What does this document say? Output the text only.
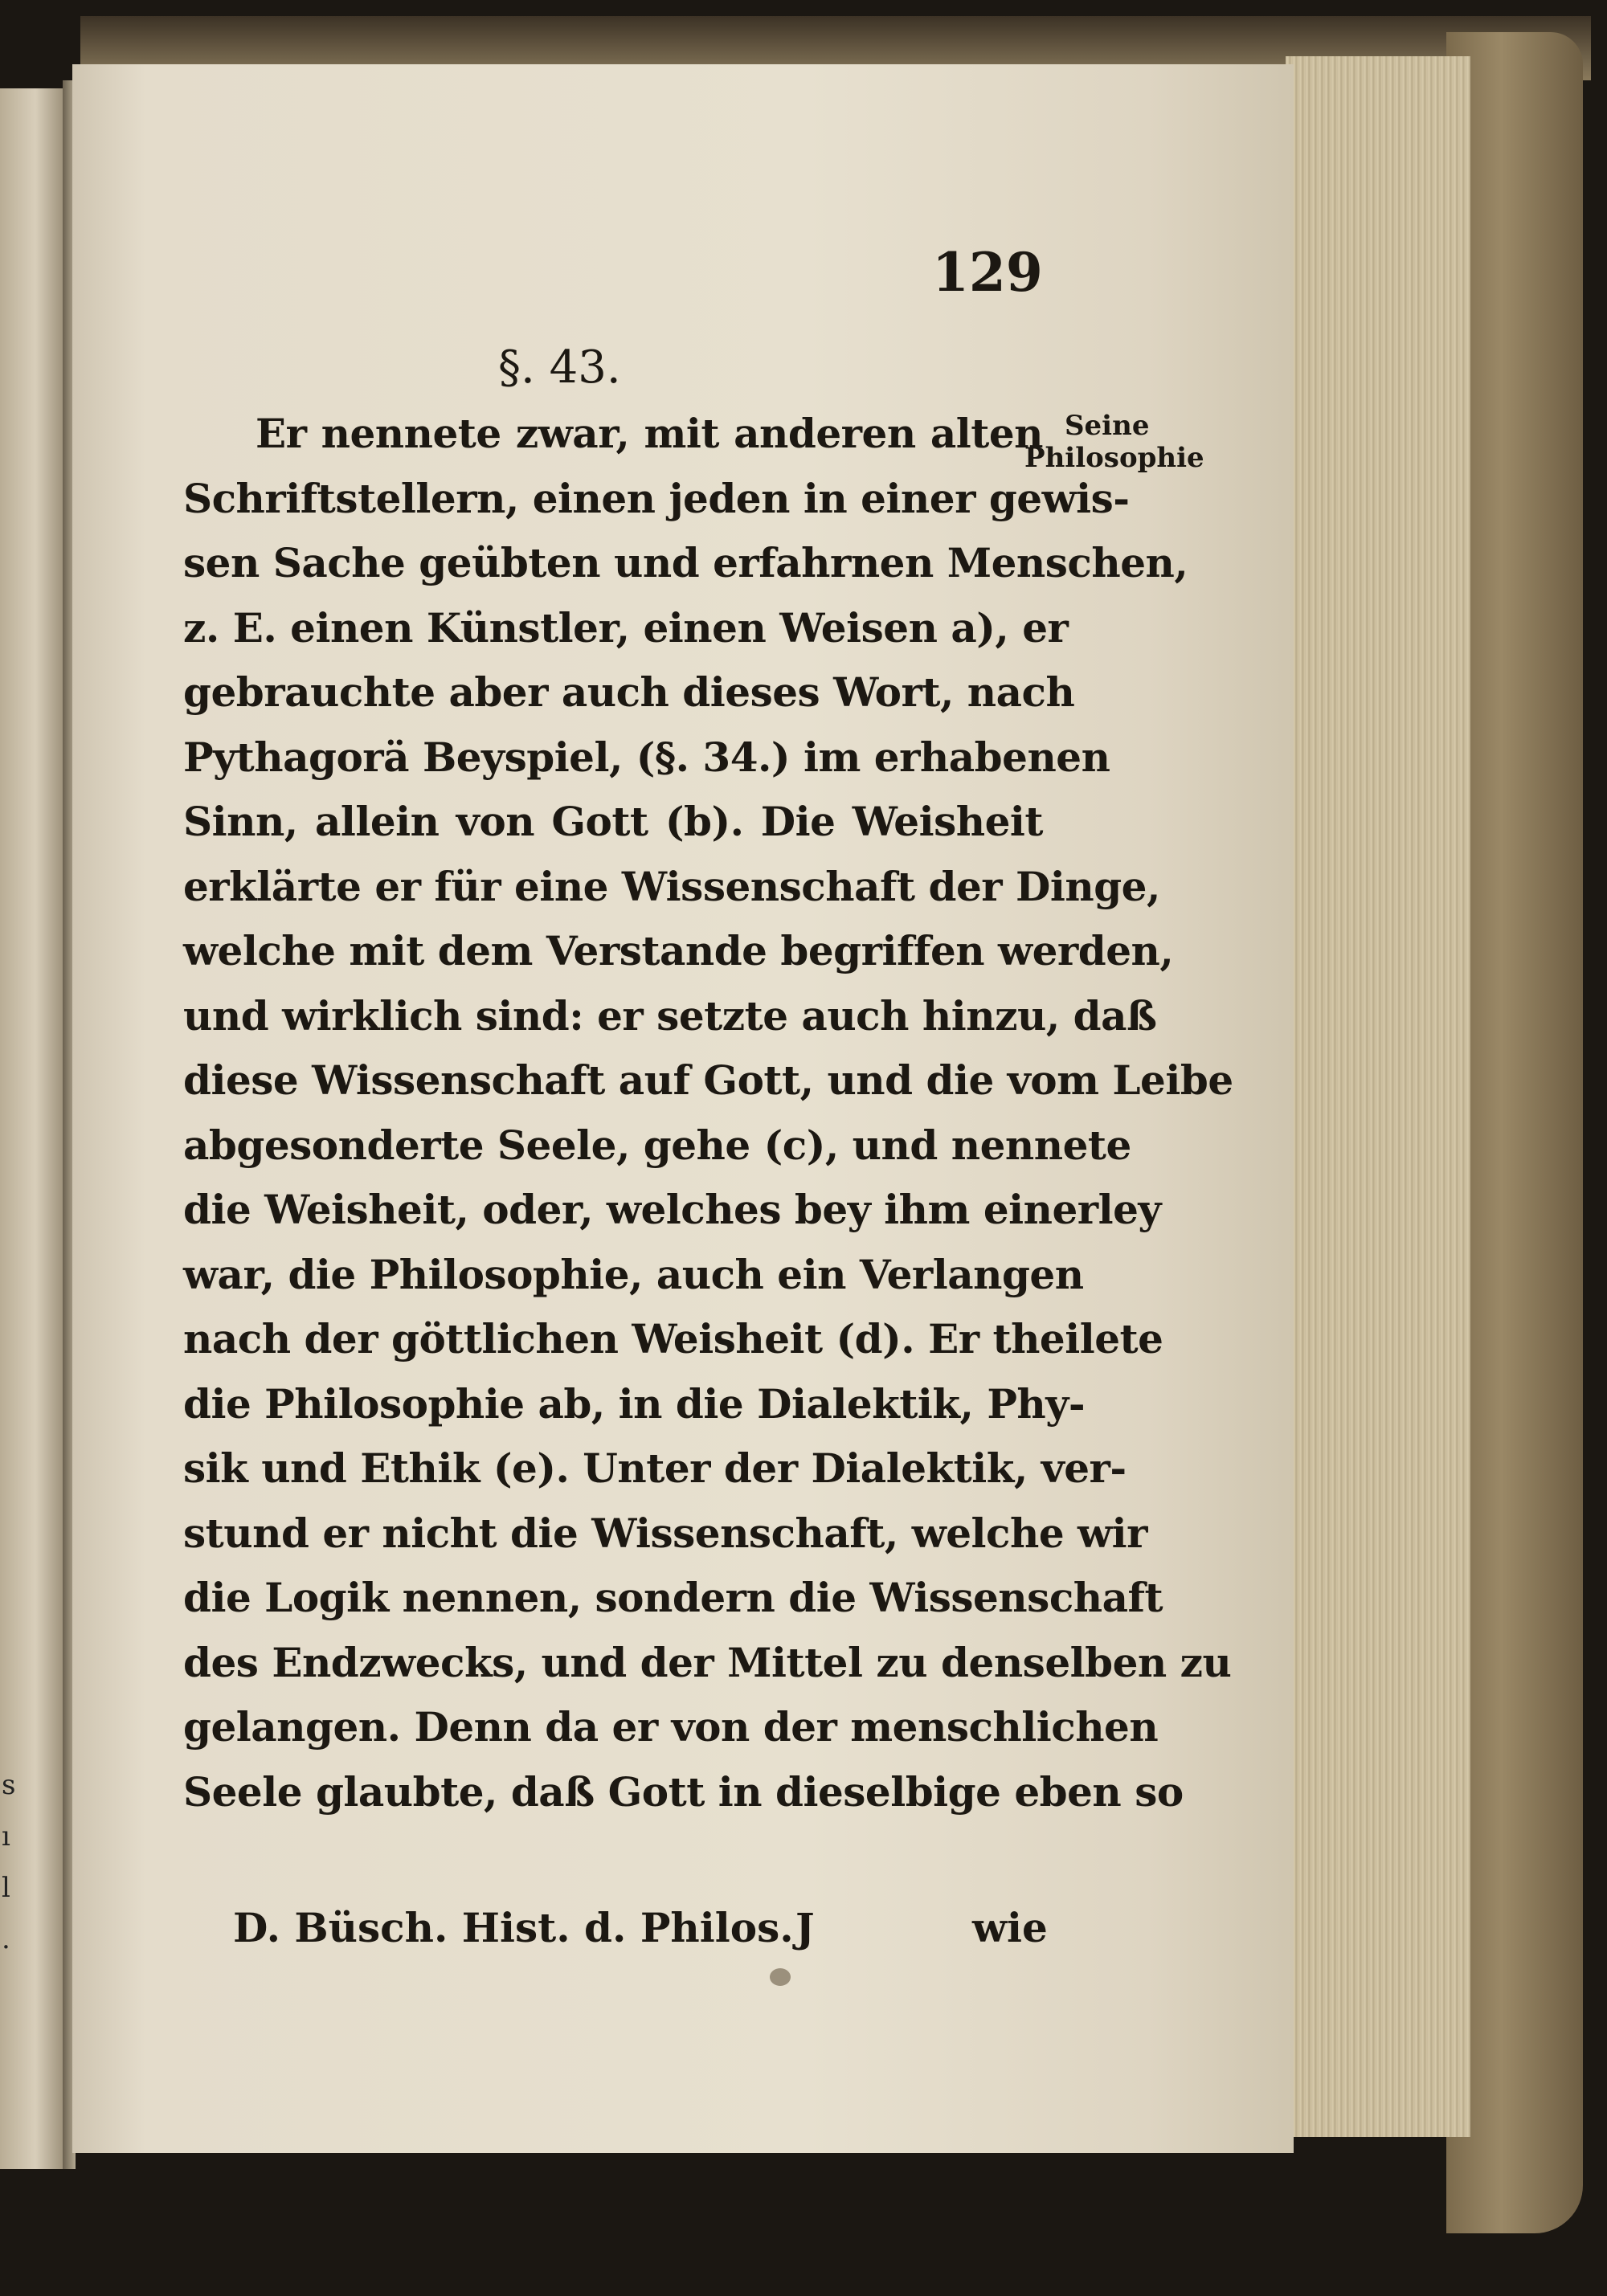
s
ı
l
.
129
§. 43.
Seine
Philosophie
Er nennete zwar, mit anderen alten
Schriftstellern, einen jeden in einer gewis-
sen Sache geübten und erfahrnen Menschen,
z. E. einen Künstler, einen Weisen a), er
gebrauchte aber auch dieses Wort, nach
Pythagorä Beyspiel, (§. 34.) im erhabenen
Sinn, allein von Gott (b). Die Weisheit
erklärte er für eine Wissenschaft der Dinge,
welche mit dem Verstande begriffen werden,
und wirklich sind: er setzte auch hinzu, daß
diese Wissenschaft auf Gott, und die vom Leibe
abgesonderte Seele, gehe (c), und nennete
die Weisheit, oder, welches bey ihm einerley
war, die Philosophie, auch ein Verlangen
nach der göttlichen Weisheit (d). Er theilete
die Philosophie ab, in die Dialektik, Phy-
sik und Ethik (e). Unter der Dialektik, ver-
stund er nicht die Wissenschaft, welche wir
die Logik nennen, sondern die Wissenschaft
des Endzwecks, und der Mittel zu denselben zu
gelangen. Denn da er von der menschlichen
Seele glaubte, daß Gott in dieselbige eben so
D. Büsch. Hist. d. Philos. J	wie
